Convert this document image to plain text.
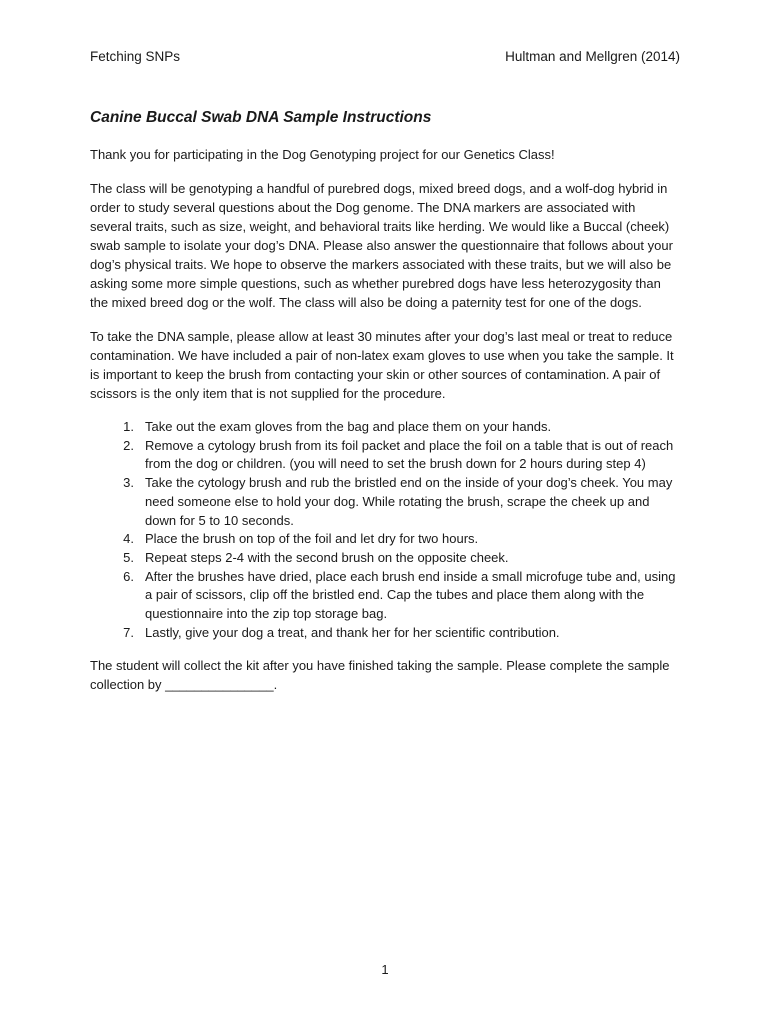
Fetching SNPs	Hultman and Mellgren (2014)
Canine Buccal Swab DNA Sample Instructions

Thank you for participating in the Dog Genotyping project for our Genetics Class!

The class will be genotyping a handful of purebred dogs, mixed breed dogs, and a wolf-dog hybrid in order to study several questions about the Dog genome. The DNA markers are associated with several traits, such as size, weight, and behavioral traits like herding. We would like a Buccal (cheek) swab sample to isolate your dog’s DNA. Please also answer the questionnaire that follows about your dog’s physical traits. We hope to observe the markers associated with these traits, but we will also be asking some more simple questions, such as whether purebred dogs have less heterozygosity than the mixed breed dog or the wolf. The class will also be doing a paternity test for one of the dogs.

To take the DNA sample, please allow at least 30 minutes after your dog’s last meal or treat to reduce contamination. We have included a pair of non-latex exam gloves to use when you take the sample. It is important to keep the brush from contacting your skin or other sources of contamination. A pair of scissors is the only item that is not supplied for the procedure.

1. Take out the exam gloves from the bag and place them on your hands.
2. Remove a cytology brush from its foil packet and place the foil on a table that is out of reach from the dog or children. (you will need to set the brush down for 2 hours during step 4)
3. Take the cytology brush and rub the bristled end on the inside of your dog’s cheek. You may need someone else to hold your dog. While rotating the brush, scrape the cheek up and down for 5 to 10 seconds.
4. Place the brush on top of the foil and let dry for two hours.
5. Repeat steps 2-4 with the second brush on the opposite cheek.
6. After the brushes have dried, place each brush end inside a small microfuge tube and, using a pair of scissors, clip off the bristled end. Cap the tubes and place them along with the questionnaire into the zip top storage bag.
7. Lastly, give your dog a treat, and thank her for her scientific contribution.

The student will collect the kit after you have finished taking the sample. Please complete the sample collection by _______________.

1
